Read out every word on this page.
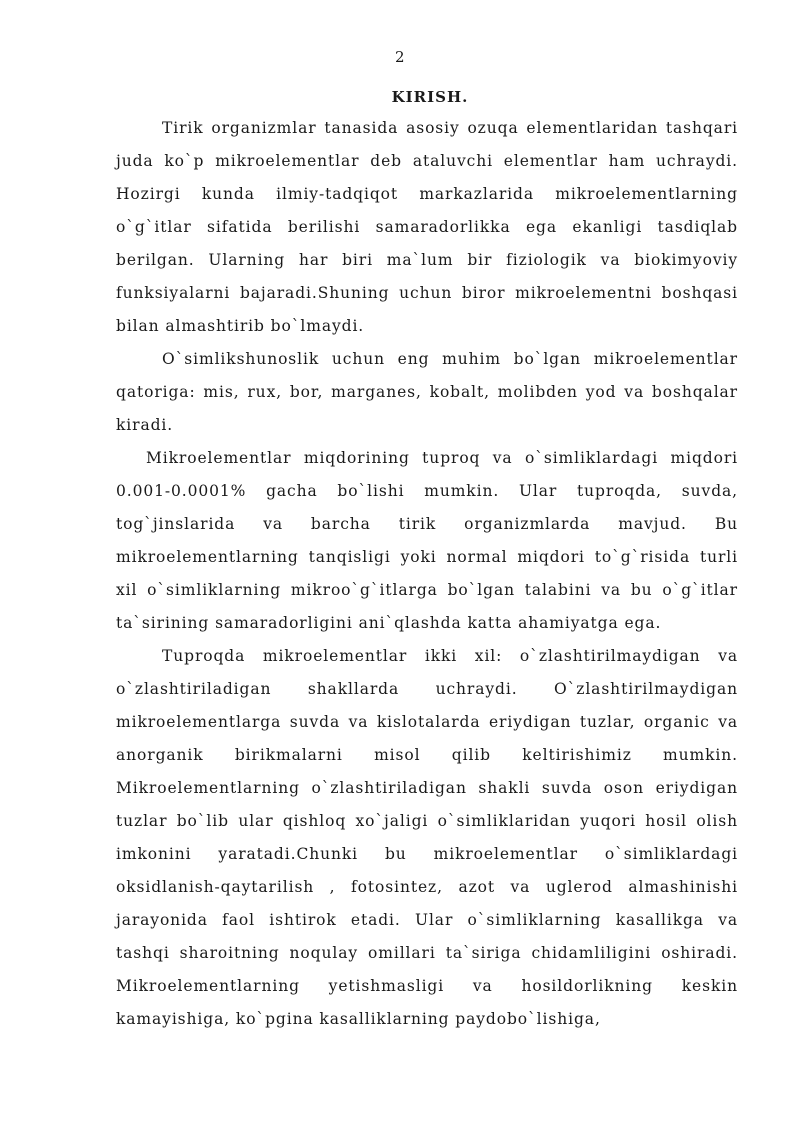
2
KIRISH.

Tirik organizmlar tanasida asosiy ozuqa elementlaridan tashqari juda ko`p mikroelementlar deb ataluvchi elementlar ham uchraydi. Hozirgi kunda ilmiy-tadqiqot markazlarida mikroelementlarning o`g`itlar sifatida berilishi samaradorlikka ega ekanligi tasdiqlab berilgan. Ularning har biri ma`lum bir fiziologik va biokimyoviy funksiyalarni bajaradi.Shuning uchun biror mikroelementni boshqasi bilan almashtirib bo`lmaydi.

O`simlikshunoslik uchun eng muhim bo`lgan mikroelementlar qatoriga: mis, rux, bor, marganes, kobalt, molibden yod va boshqalar kiradi.

Mikroelementlar miqdorining tuproq va o`simliklardagi miqdori 0.001-0.0001% gacha bo`lishi mumkin. Ular tuproqda, suvda, tog`jinslarida va barcha tirik organizmlarda mavjud. Bu mikroelementlarning tanqisligi yoki normal miqdori to`g`risida turli xil o`simliklarning mikroo`g`itlarga bo`lgan talabini va bu o`g`itlar ta`sirining samaradorligini ani`qlashda katta ahamiyatga ega.

Tuproqda mikroelementlar ikki xil: o`zlashtirilmaydigan va o`zlashtiriladigan shakllarda uchraydi. O`zlashtirilmaydigan mikroelementlarga suvda va kislotalarda eriydigan tuzlar, organic va anorganik birikmalarni misol qilib keltirishimiz mumkin. Mikroelementlarning o`zlashtiriladigan shakli suvda oson eriydigan tuzlar bo`lib ular qishloq xo`jaligi o`simliklaridan yuqori hosil olish imkonini yaratadi.Chunki bu mikroelementlar o`simliklardagi oksidlanish-qaytarilish , fotosintez, azot va uglerod almashinishi jarayonida faol ishtirok etadi. Ular o`simliklarning kasallikga va tashqi sharoitning noqulay omillari ta`siriga chidamliligini oshiradi. Mikroelementlarning yetishmasligi va hosildorlikning keskin kamayishiga, ko`pgina kasalliklarning paydobo`lishiga,
